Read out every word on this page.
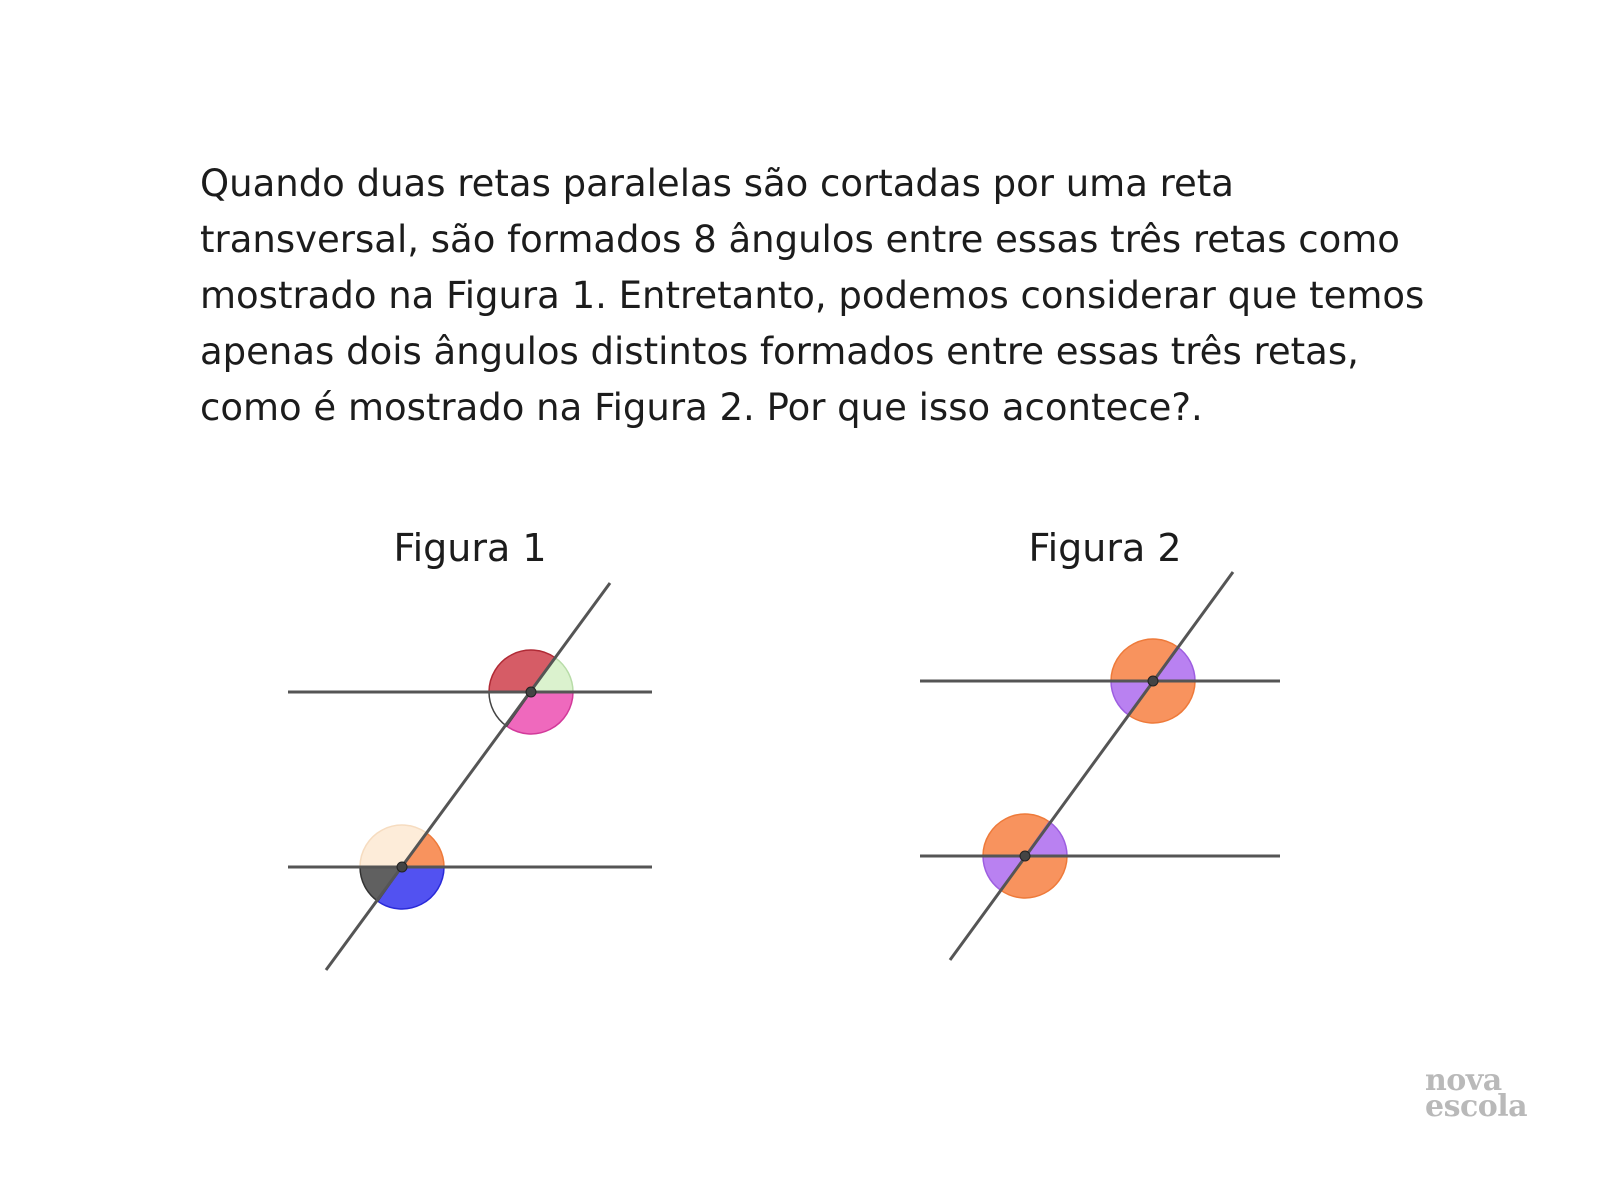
Quando duas retas paralelas são cortadas por uma reta transversal, são formados 8 ângulos entre essas três retas como mostrado na Figura 1. Entretanto, podemos considerar que temos apenas dois ângulos distintos formados entre essas três retas, como é mostrado na Figura 2. Por que isso acontece?.

Figura 1	Figura 2
nova
escola
